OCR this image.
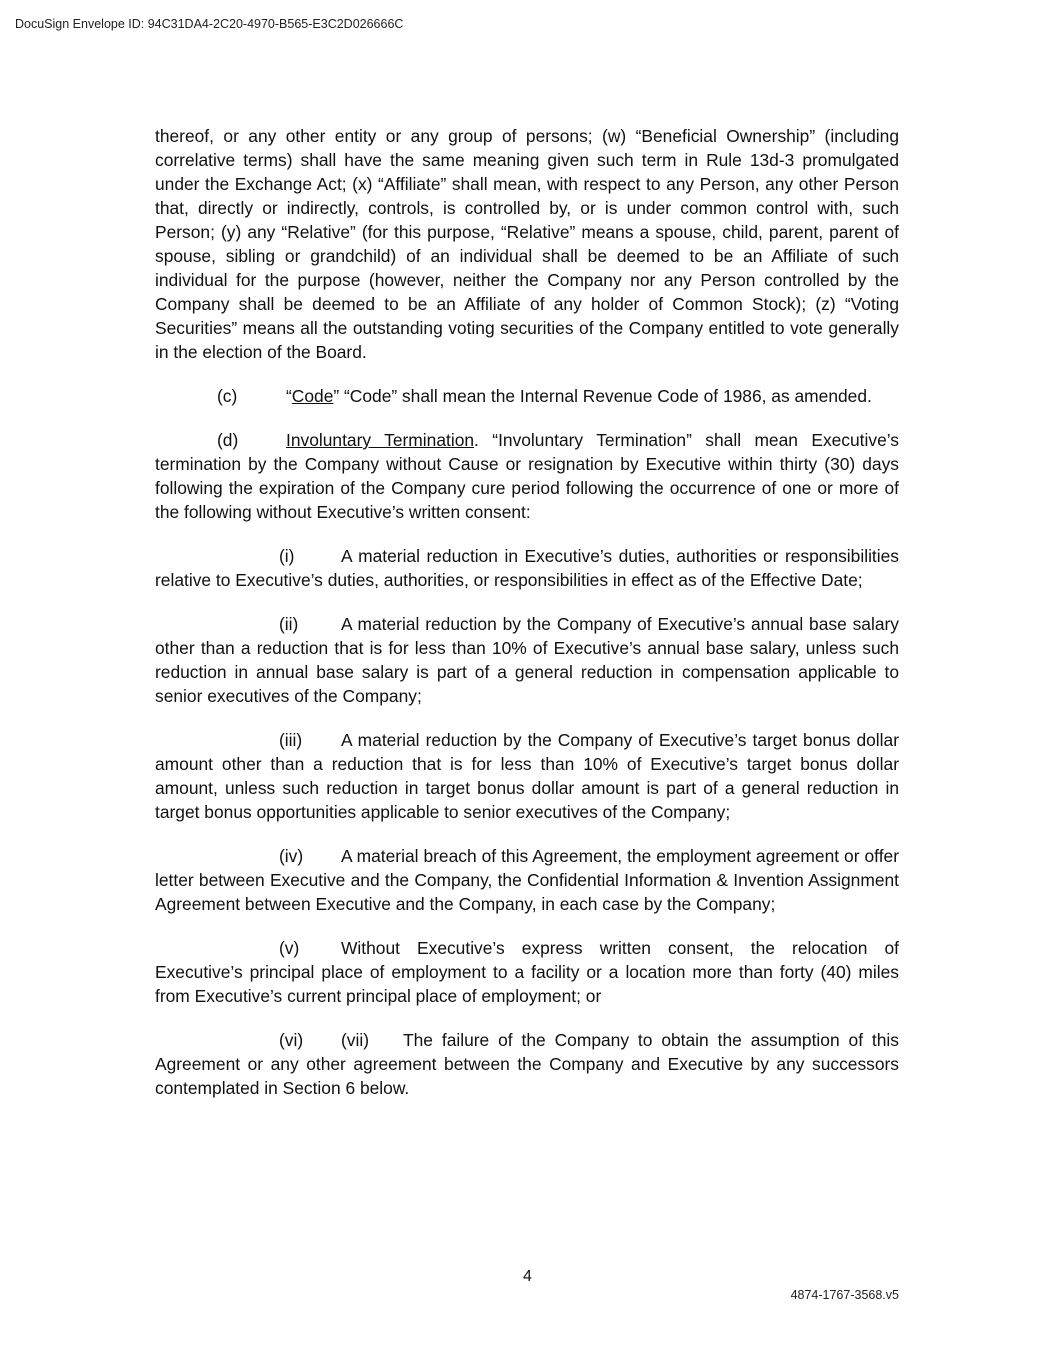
DocuSign Envelope ID: 94C31DA4-2C20-4970-B565-E3C2D026666C

thereof, or any other entity or any group of persons; (w) “Beneficial Ownership” (including correlative terms) shall have the same meaning given such term in Rule 13d-3 promulgated under the Exchange Act; (x) “Affiliate” shall mean, with respect to any Person, any other Person that, directly or indirectly, controls, is controlled by, or is under common control with, such Person; (y) any “Relative” (for this purpose, “Relative” means a spouse, child, parent, parent of spouse, sibling or grandchild) of an individual shall be deemed to be an Affiliate of such individual for the purpose (however, neither the Company nor any Person controlled by the Company shall be deemed to be an Affiliate of any holder of Common Stock); (z) “Voting Securities” means all the outstanding voting securities of the Company entitled to vote generally in the election of the Board.

(c)	“Code” “Code” shall mean the Internal Revenue Code of 1986, as amended.

(d)	Involuntary Termination. “Involuntary Termination” shall mean Executive’s termination by the Company without Cause or resignation by Executive within thirty (30) days following the expiration of the Company cure period following the occurrence of one or more of the following without Executive’s written consent:

(i)	A material reduction in Executive’s duties, authorities or responsibilities relative to Executive’s duties, authorities, or responsibilities in effect as of the Effective Date;

(ii) A material reduction by the Company of Executive’s annual base salary other than a reduction that is for less than 10% of Executive’s annual base salary, unless such reduction in annual base salary is part of a general reduction in compensation applicable to senior executives of the Company;

(iii) A material reduction by the Company of Executive’s target bonus dollar amount other than a reduction that is for less than 10% of Executive’s target bonus dollar amount, unless such reduction in target bonus dollar amount is part of a general reduction in target bonus opportunities applicable to senior executives of the Company;

(iv) A material breach of this Agreement, the employment agreement or offer letter between Executive and the Company, the Confidential Information & Invention Assignment Agreement between Executive and the Company, in each case by the Company;

(v) Without Executive’s express written consent, the relocation of Executive’s principal place of employment to a facility or a location more than forty (40) miles from Executive’s current principal place of employment; or

(vi) (vii) The failure of the Company to obtain the assumption of this Agreement or any other agreement between the Company and Executive by any successors contemplated in Section 6 below.

4
4874-1767-3568.v5
